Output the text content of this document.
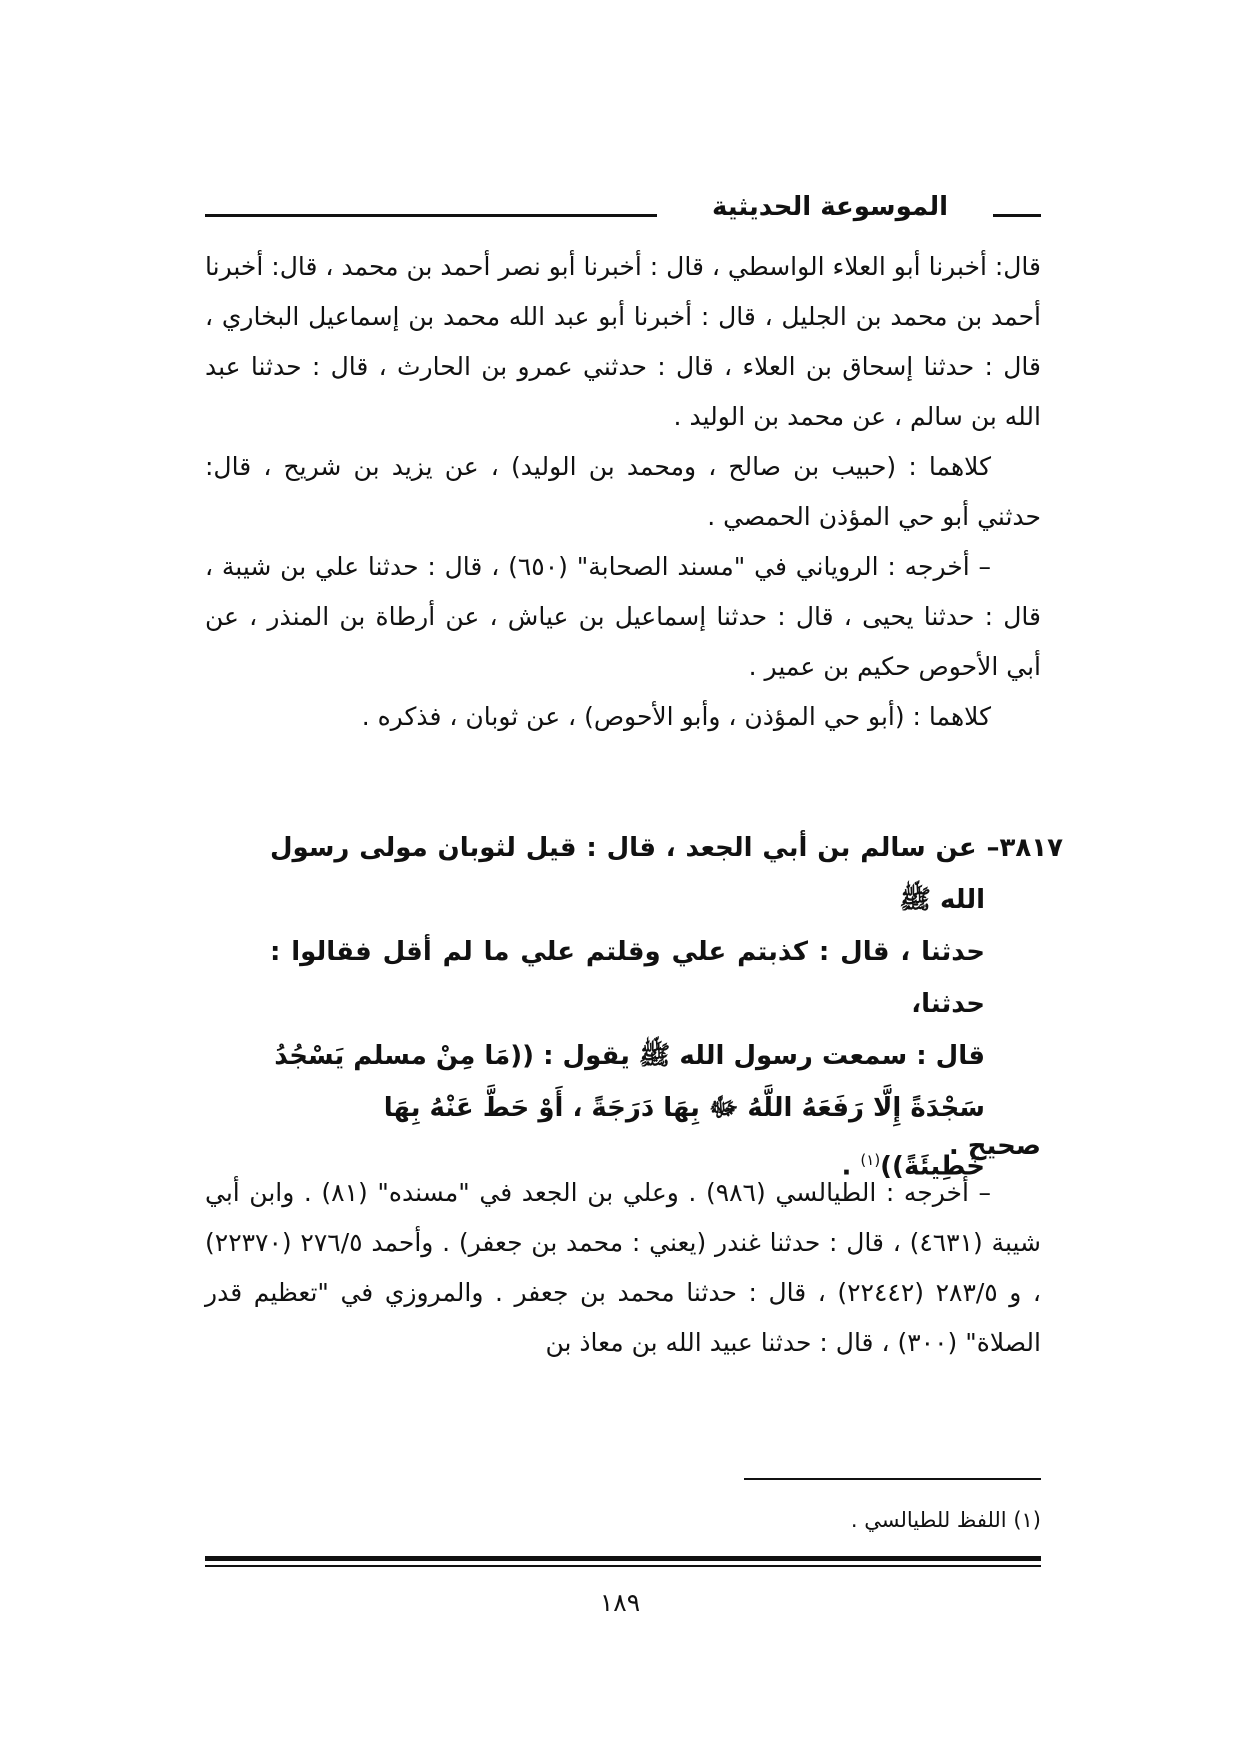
الموسوعة الحديثية

قال: أخبرنا أبو العلاء الواسطي ، قال : أخبرنا أبو نصر أحمد بن محمد ، قال: أخبرنا أحمد بن محمد بن الجليل ، قال : أخبرنا أبو عبد الله محمد بن إسماعيل البخاري ، قال : حدثنا إسحاق بن العلاء ، قال : حدثني عمرو بن الحارث ، قال : حدثنا عبد الله بن سالم ، عن محمد بن الوليد .

كلاهما : (حبيب بن صالح ، ومحمد بن الوليد) ، عن يزيد بن شريح ، قال: حدثني أبو حي المؤذن الحمصي .

– أخرجه : الروياني في "مسند الصحابة" (٦٥٠) ، قال : حدثنا علي بن شيبة ، قال : حدثنا يحيى ، قال : حدثنا إسماعيل بن عياش ، عن أرطاة بن المنذر ، عن أبي الأحوص حكيم بن عمير .

كلاهما : (أبو حي المؤذن ، وأبو الأحوص) ، عن ثوبان ، فذكره .

٣٨١٧– عن سالم بن أبي الجعد ، قال : قيل لثوبان مولى رسول الله ﷺ
حدثنا ، قال : كذبتم علي وقلتم علي ما لم أقل فقالوا : حدثنا،
قال : سمعت رسول الله ﷺ يقول : ((مَا مِنْ مسلم يَسْجُدُ
سَجْدَةً إِلَّا رَفَعَهُ اللَّهُ ﷻ بِهَا دَرَجَةً ، أَوْ حَطَّ عَنْهُ بِهَا
خَطِيئَةً))$^{(١)}$ .
صحيح .

– أخرجه : الطيالسي (٩٨٦) . وعلي بن الجعد في "مسنده" (٨١) . وابن أبي شيبة (٤٦٣١) ، قال : حدثنا غندر (يعني : محمد بن جعفر) . وأحمد ٢٧٦/٥ (٢٢٣٧٠) ، و ٢٨٣/٥ (٢٢٤٤٢) ، قال : حدثنا محمد بن جعفر . والمروزي في "تعظيم قدر الصلاة" (٣٠٠) ، قال : حدثنا عبيد الله بن معاذ بن

(١) اللفظ للطيالسي .
١٨٩
